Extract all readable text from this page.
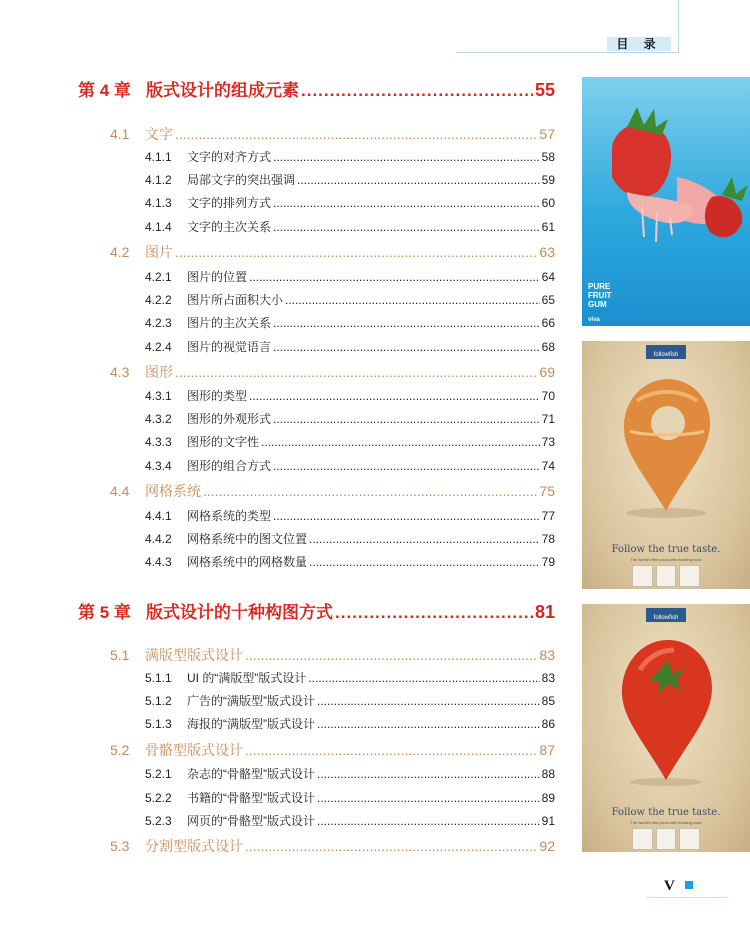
目 录
第 4 章 版式设计的组成元素 .....	55
4.1	文字 .....	57
4.1.1	文字的对齐方式 .....	58
4.1.2	局部文字的突出强调 .....	59
4.1.3	文字的排列方式 .....	60
4.1.4	文字的主次关系 .....	61
4.2	图片 .....	63
4.2.1	图片的位置 .....	64
4.2.2	图片所占面积大小 .....	65
4.2.3	图片的主次关系 .....	66
4.2.4	图片的视觉语言 .....	68
4.3	图形 .....	69
4.3.1	图形的类型 .....	70
4.3.2	图形的外观形式 .....	71
4.3.3	图形的文字性 .....	73
4.3.4	图形的组合方式 .....	74
4.4	网格系统 .....	75
4.4.1	网格系统的类型 .....	77
4.4.2	网格系统中的图文位置 .....	78
4.4.3	网格系统中的网格数量 .....	79
第 5 章 版式设计的十种构图方式 .....	81
5.1	满版型版式设计 .....	83
5.1.1	UI 的“满版型”版式设计 .....	83
5.1.2	广告的“满版型”版式设计 .....	85
5.1.3	海报的“满版型”版式设计 .....	86
5.2	骨骼型版式设计 .....	87
5.2.1	杂志的“骨骼型”版式设计 .....	88
5.2.2	书籍的“骨骼型”版式设计 .....	89
5.2.3	网页的“骨骼型”版式设计 .....	91
5.3	分割型版式设计 .....	92
PURE
FRUIT
GUM
viva
followfish
Follow the true taste.
The world's first pizza with tracking code
followfish
Follow the true taste.
The world's first pizza with tracking code
V
